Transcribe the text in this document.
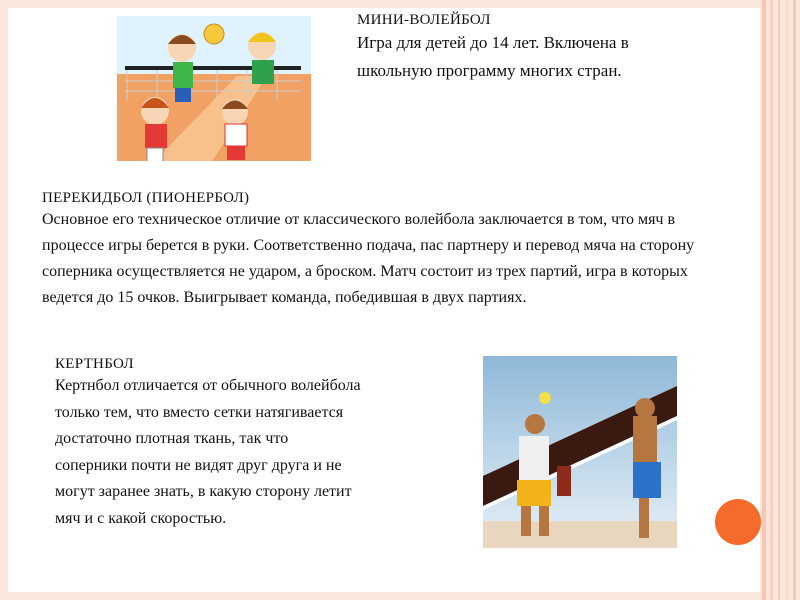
МИНИ-ВОЛЕЙБОЛ
Игра для детей до 14 лет. Включена в
школьную программу многих стран.
ПЕРЕКИДБОЛ (ПИОНЕРБОЛ)
Основное его техническое отличие от классического волейбола заключается в том, что мяч в
процессе игры берется в руки. Соответственно подача, пас партнеру и перевод мяча на сторону
соперника осуществляется не ударом, а броском. Матч состоит из трех партий, игра в которых
ведется до 15 очков. Выигрывает команда, победившая в двух партиях.
КЕРТНБОЛ
Кертнбол отличается от обычного волейбола
только тем, что вместо сетки натягивается
достаточно плотная ткань, так что
соперники почти не видят друг друга и не
могут заранее знать, в какую сторону летит
мяч и с какой скоростью.
